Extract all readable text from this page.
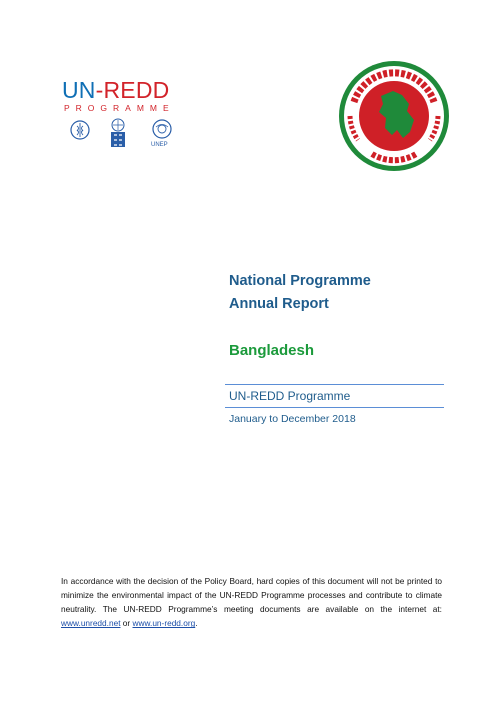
UN-REDD
PROGRAMME
UNEP
National Programme
Annual Report
Bangladesh
UN-REDD Programme
January to December 2018
In accordance with the decision of the Policy Board, hard copies of this document will not be printed to minimize the environmental impact of the UN-REDD Programme processes and contribute to climate neutrality. The UN-REDD Programme’s meeting documents are available on the internet at: www.unredd.net or www.un-redd.org.
